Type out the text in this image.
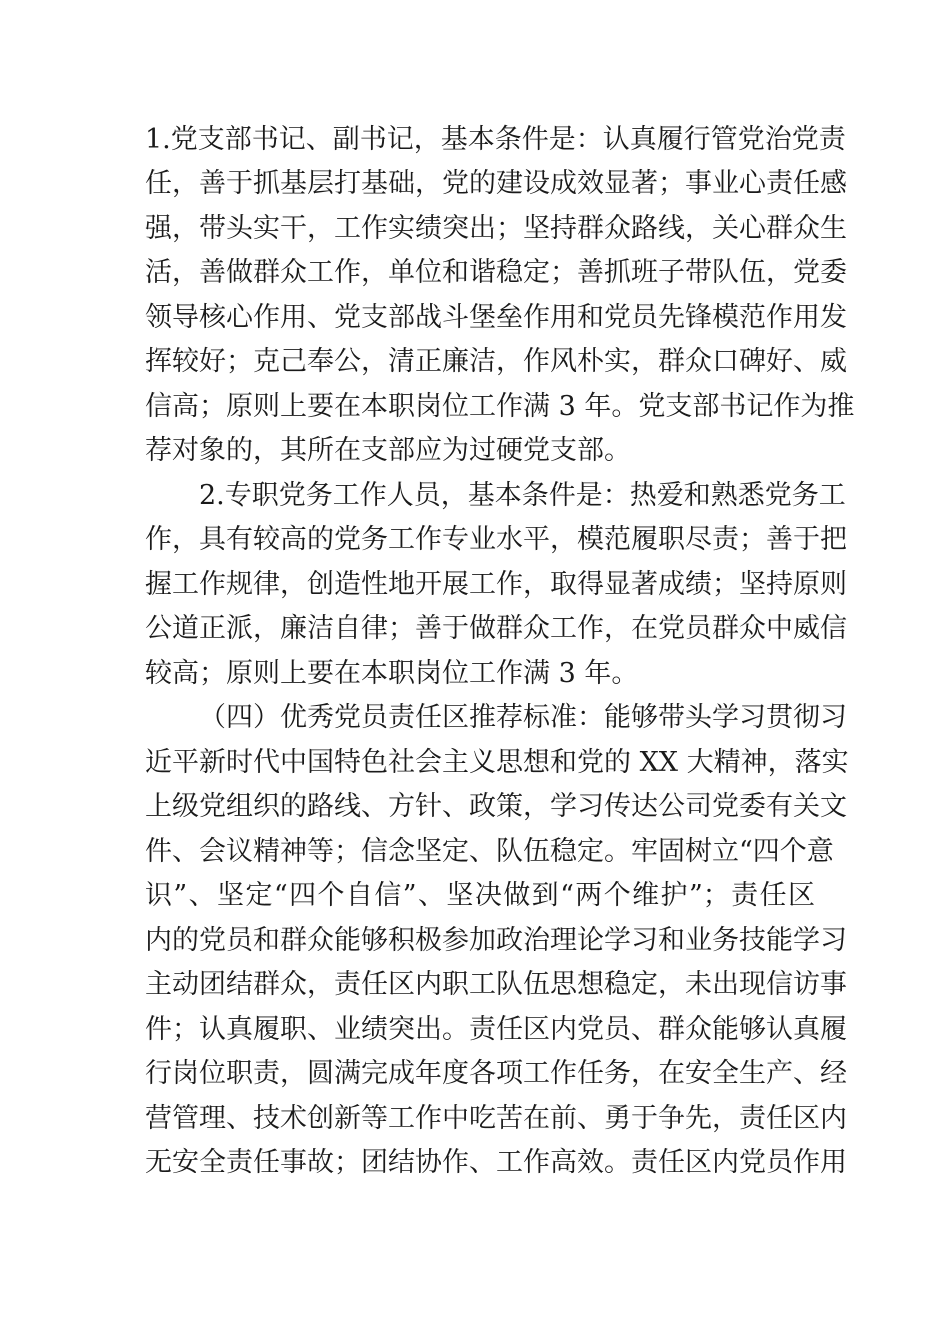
1.党支部书记、副书记，基本条件是：认真履行管党治党责
任，善于抓基层打基础，党的建设成效显著；事业心责任感
强，带头实干，工作实绩突出；坚持群众路线，关心群众生
活，善做群众工作，单位和谐稳定；善抓班子带队伍，党委
领导核心作用、党支部战斗堡垒作用和党员先锋模范作用发
挥较好；克己奉公，清正廉洁，作风朴实，群众口碑好、威
信高；原则上要在本职岗位工作满 3 年。党支部书记作为推
荐对象的，其所在支部应为过硬党支部。
2.专职党务工作人员，基本条件是：热爱和熟悉党务工
作，具有较高的党务工作专业水平，模范履职尽责；善于把
握工作规律，创造性地开展工作，取得显著成绩；坚持原则
公道正派，廉洁自律；善于做群众工作，在党员群众中威信
较高；原则上要在本职岗位工作满 3 年。
（四）优秀党员责任区推荐标准：能够带头学习贯彻习
近平新时代中国特色社会主义思想和党的 XX 大精神，落实
上级党组织的路线、方针、政策，学习传达公司党委有关文
件、会议精神等；信念坚定、队伍稳定。牢固树立“四个意
识”、坚定“四个自信”、坚决做到“两个维护”；责任区
内的党员和群众能够积极参加政治理论学习和业务技能学习
主动团结群众，责任区内职工队伍思想稳定，未出现信访事
件；认真履职、业绩突出。责任区内党员、群众能够认真履
行岗位职责，圆满完成年度各项工作任务，在安全生产、经
营管理、技术创新等工作中吃苦在前、勇于争先，责任区内
无安全责任事故；团结协作、工作高效。责任区内党员作用
